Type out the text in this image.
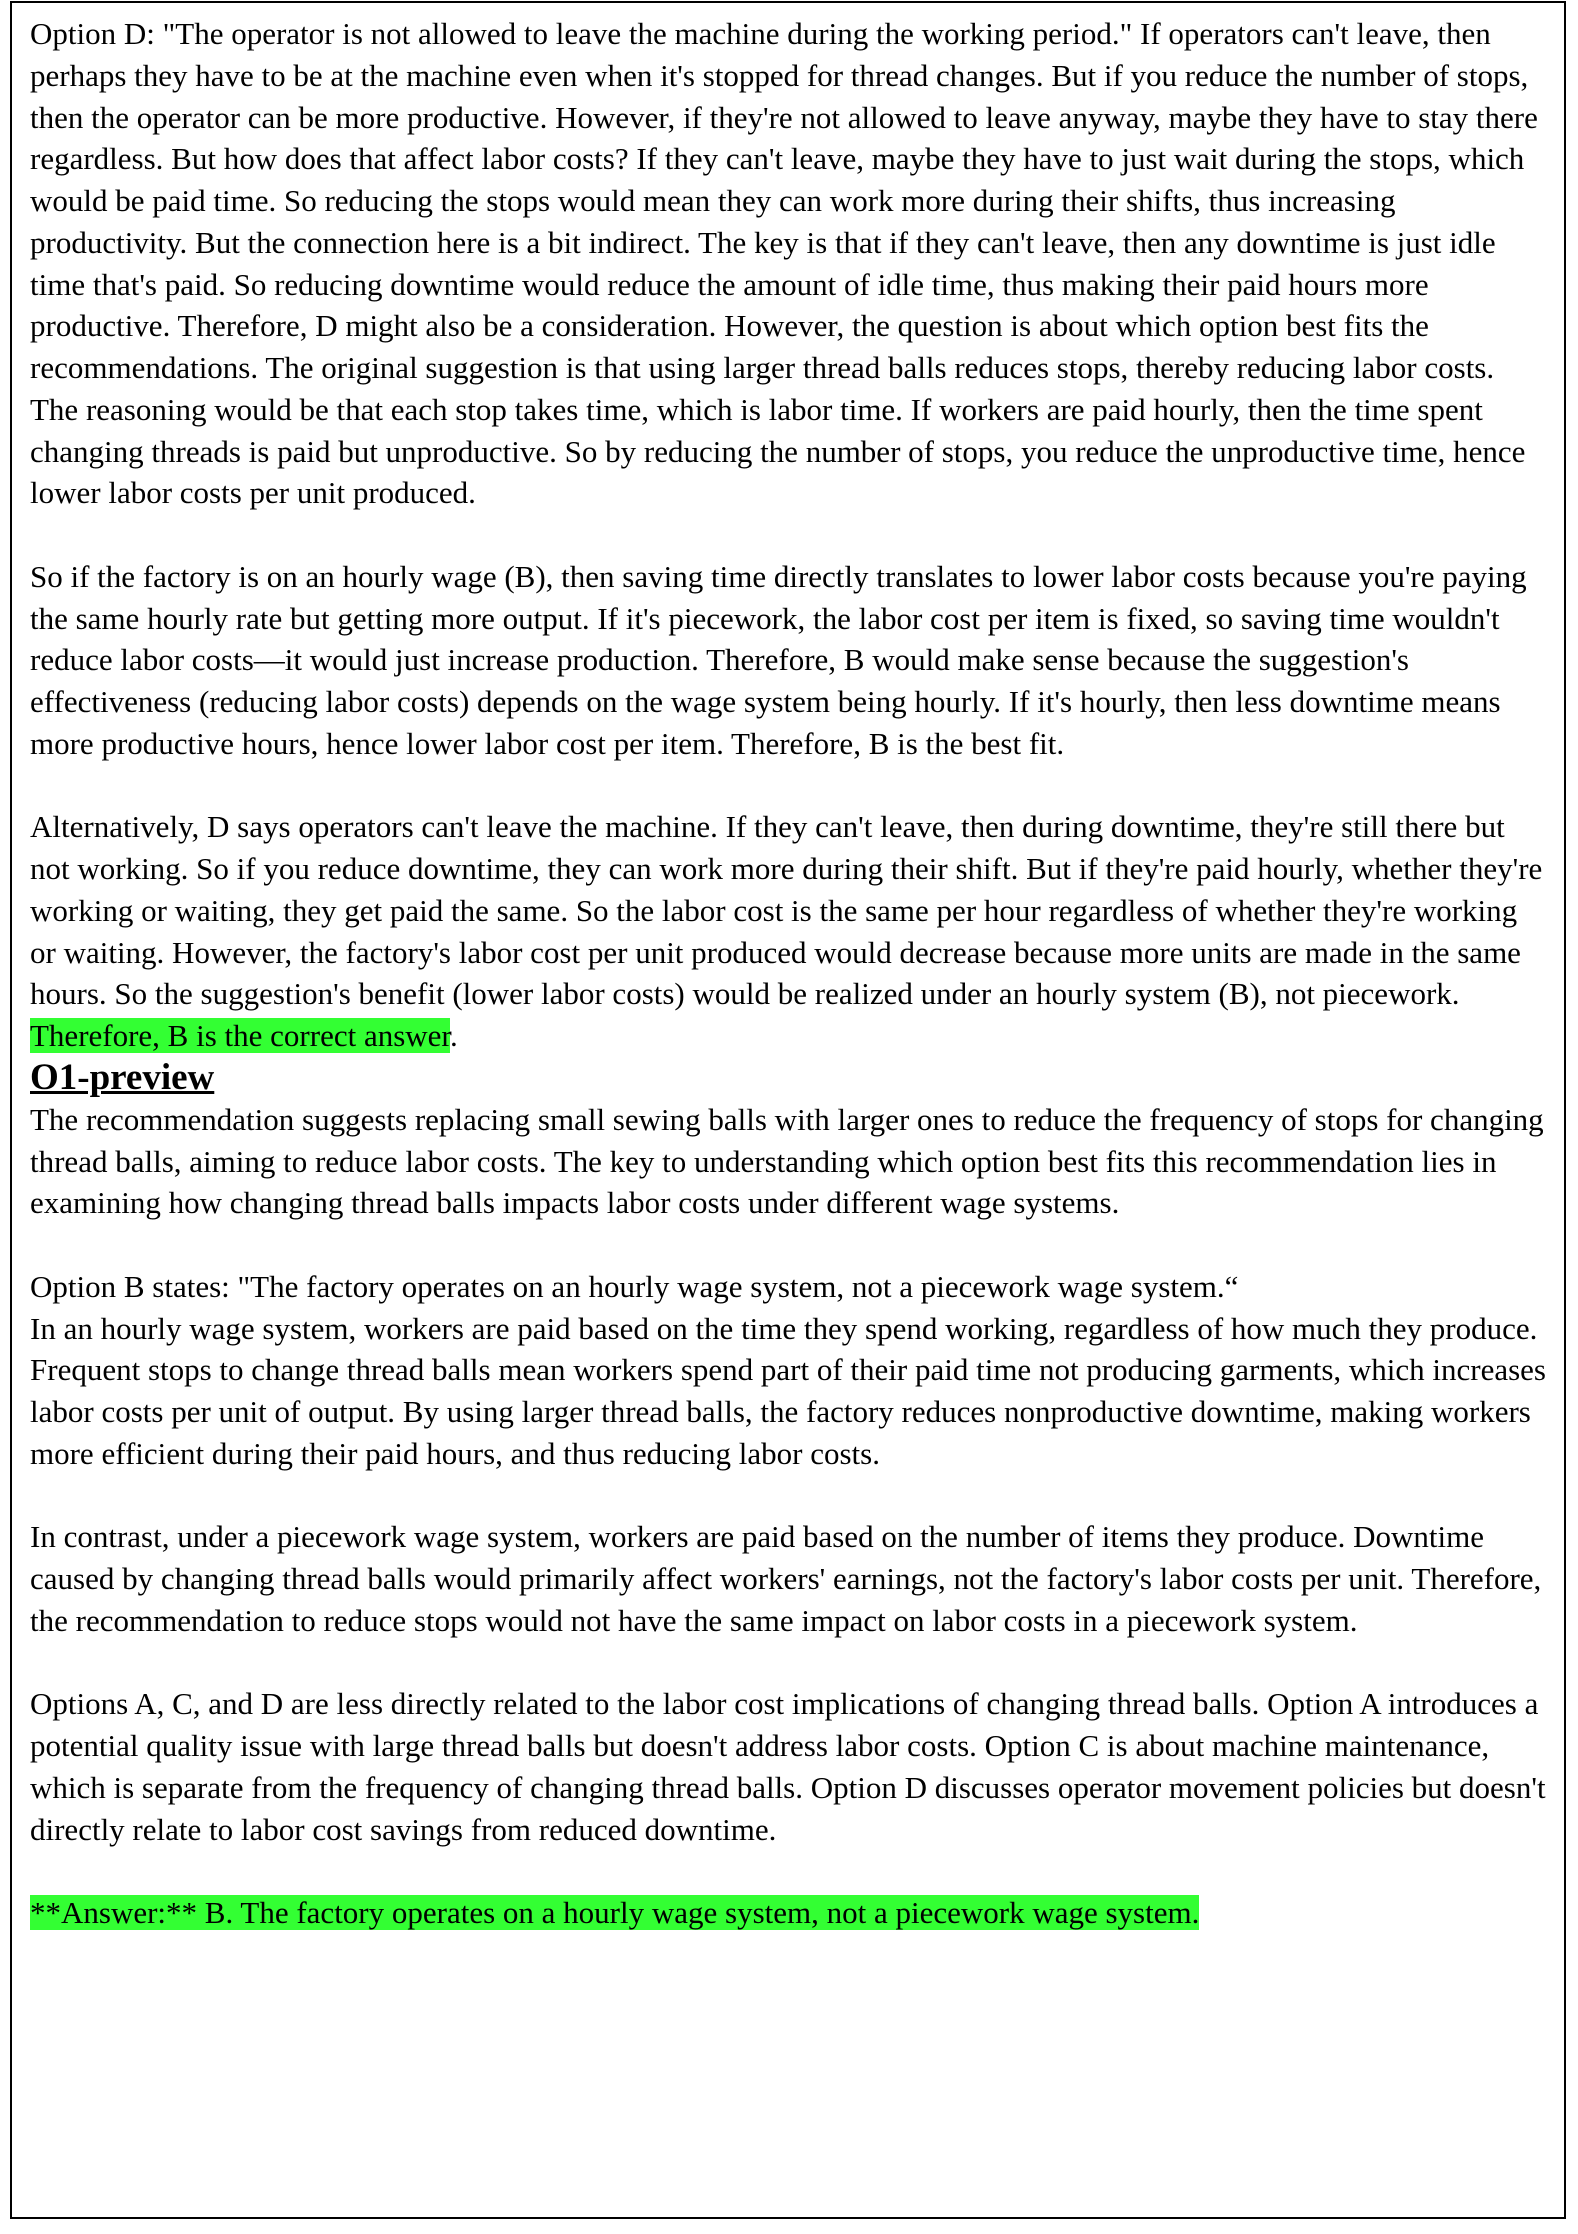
Option D: "The operator is not allowed to leave the machine during the working period." If operators can't leave, then perhaps they have to be at the machine even when it's stopped for thread changes. But if you reduce the number of stops, then the operator can be more productive. However, if they're not allowed to leave anyway, maybe they have to stay there regardless. But how does that affect labor costs? If they can't leave, maybe they have to just wait during the stops, which would be paid time. So reducing the stops would mean they can work more during their shifts, thus increasing productivity. But the connection here is a bit indirect. The key is that if they can't leave, then any downtime is just idle time that's paid. So reducing downtime would reduce the amount of idle time, thus making their paid hours more productive. Therefore, D might also be a consideration. However, the question is about which option best fits the recommendations. The original suggestion is that using larger thread balls reduces stops, thereby reducing labor costs. The reasoning would be that each stop takes time, which is labor time. If workers are paid hourly, then the time spent changing threads is paid but unproductive. So by reducing the number of stops, you reduce the unproductive time, hence lower labor costs per unit produced.

So if the factory is on an hourly wage (B), then saving time directly translates to lower labor costs because you're paying the same hourly rate but getting more output. If it's piecework, the labor cost per item is fixed, so saving time wouldn't reduce labor costs—it would just increase production. Therefore, B would make sense because the suggestion's effectiveness (reducing labor costs) depends on the wage system being hourly. If it's hourly, then less downtime means more productive hours, hence lower labor cost per item. Therefore, B is the best fit.

Alternatively, D says operators can't leave the machine. If they can't leave, then during downtime, they're still there but not working. So if you reduce downtime, they can work more during their shift. But if they're paid hourly, whether they're working or waiting, they get paid the same. So the labor cost is the same per hour regardless of whether they're working or waiting. However, the factory's labor cost per unit produced would decrease because more units are made in the same hours. So the suggestion's benefit (lower labor costs) would be realized under an hourly system (B), not piecework. Therefore, B is the correct answer.

O1-preview

The recommendation suggests replacing small sewing balls with larger ones to reduce the frequency of stops for changing thread balls, aiming to reduce labor costs. The key to understanding which option best fits this recommendation lies in examining how changing thread balls impacts labor costs under different wage systems.

Option B states: "The factory operates on an hourly wage system, not a piecework wage system.“
In an hourly wage system, workers are paid based on the time they spend working, regardless of how much they produce. Frequent stops to change thread balls mean workers spend part of their paid time not producing garments, which increases labor costs per unit of output. By using larger thread balls, the factory reduces nonproductive downtime, making workers more efficient during their paid hours, and thus reducing labor costs.

In contrast, under a piecework wage system, workers are paid based on the number of items they produce. Downtime caused by changing thread balls would primarily affect workers' earnings, not the factory's labor costs per unit. Therefore, the recommendation to reduce stops would not have the same impact on labor costs in a piecework system.

Options A, C, and D are less directly related to the labor cost implications of changing thread balls. Option A introduces a potential quality issue with large thread balls but doesn't address labor costs. Option C is about machine maintenance, which is separate from the frequency of changing thread balls. Option D discusses operator movement policies but doesn't directly relate to labor cost savings from reduced downtime.

**Answer:** B. The factory operates on a hourly wage system, not a piecework wage system.
